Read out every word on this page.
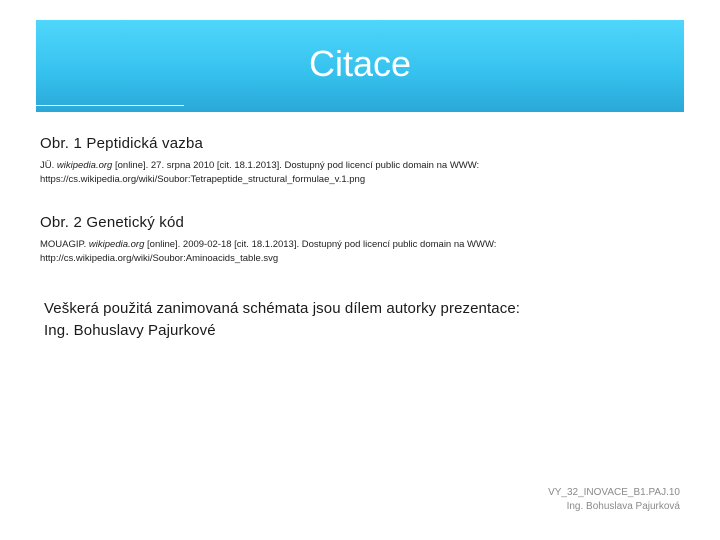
Citace
Obr. 1 Peptidická vazba
JÜ. wikipedia.org [online]. 27. srpna 2010 [cit. 18.1.2013]. Dostupný pod licencí public domain na WWW:
https://cs.wikipedia.org/wiki/Soubor:Tetrapeptide_structural_formulae_v.1.png
Obr. 2 Genetický kód
MOUAGIP. wikipedia.org [online]. 2009-02-18 [cit. 18.1.2013]. Dostupný pod licencí public domain na WWW:
http://cs.wikipedia.org/wiki/Soubor:Aminoacids_table.svg
Veškerá použitá zanimovaná schémata jsou dílem autorky prezentace:
Ing. Bohuslavy Pajurkové
VY_32_INOVACE_B1.PAJ.10
Ing. Bohuslava Pajurková
